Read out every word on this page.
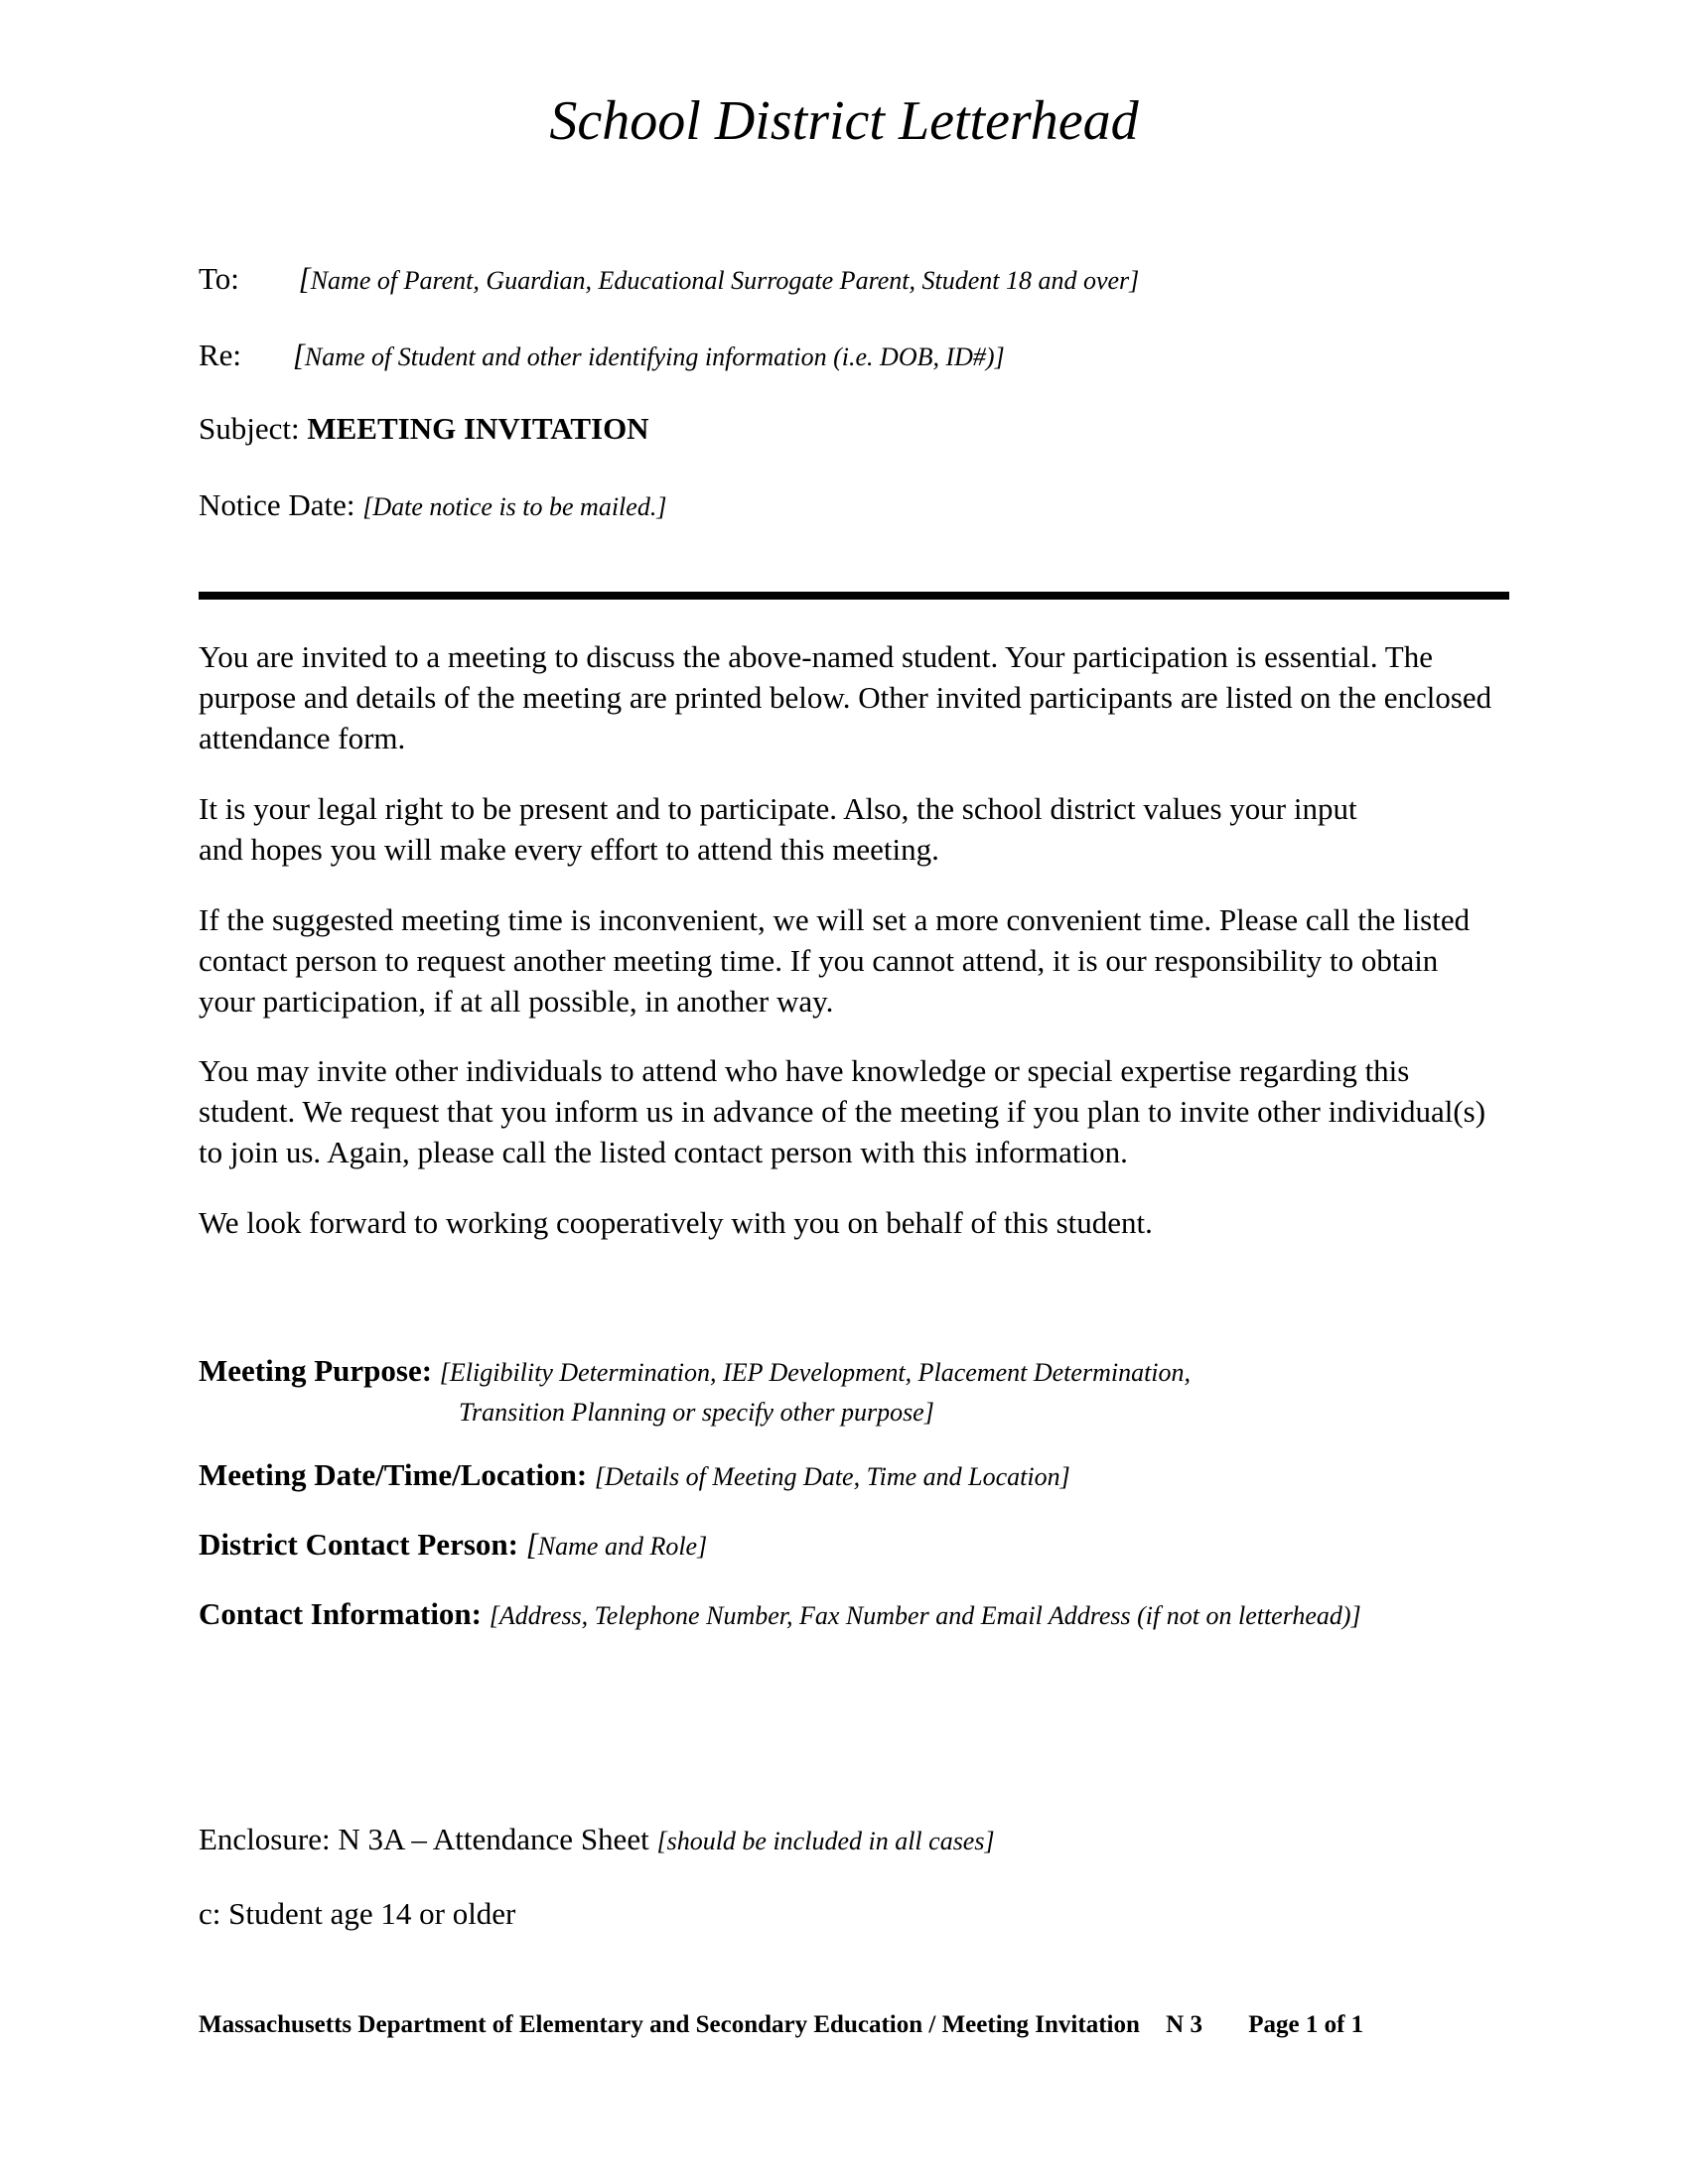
School District Letterhead
To: [Name of Parent, Guardian, Educational Surrogate Parent, Student 18 and over]
Re: [Name of Student and other identifying information (i.e. DOB, ID#)]
Subject: MEETING INVITATION
Notice Date: [Date notice is to be mailed.]
You are invited to a meeting to discuss the above-named student. Your participation is essential. The purpose and details of the meeting are printed below. Other invited participants are listed on the enclosed attendance form.
It is your legal right to be present and to participate. Also, the school district values your input and hopes you will make every effort to attend this meeting.
If the suggested meeting time is inconvenient, we will set a more convenient time. Please call the listed contact person to request another meeting time. If you cannot attend, it is our responsibility to obtain your participation, if at all possible, in another way.
You may invite other individuals to attend who have knowledge or special expertise regarding this student. We request that you inform us in advance of the meeting if you plan to invite other individual(s) to join us. Again, please call the listed contact person with this information.
We look forward to working cooperatively with you on behalf of this student.
Meeting Purpose: [Eligibility Determination, IEP Development, Placement Determination,
Transition Planning or specify other purpose]
Meeting Date/Time/Location: [Details of Meeting Date, Time and Location]
District Contact Person: [Name and Role]
Contact Information: [Address, Telephone Number, Fax Number and Email Address (if not on letterhead)]
Enclosure: N 3A – Attendance Sheet [should be included in all cases]
c: Student age 14 or older
Massachusetts Department of Elementary and Secondary Education / Meeting Invitation N 3 Page 1 of 1
